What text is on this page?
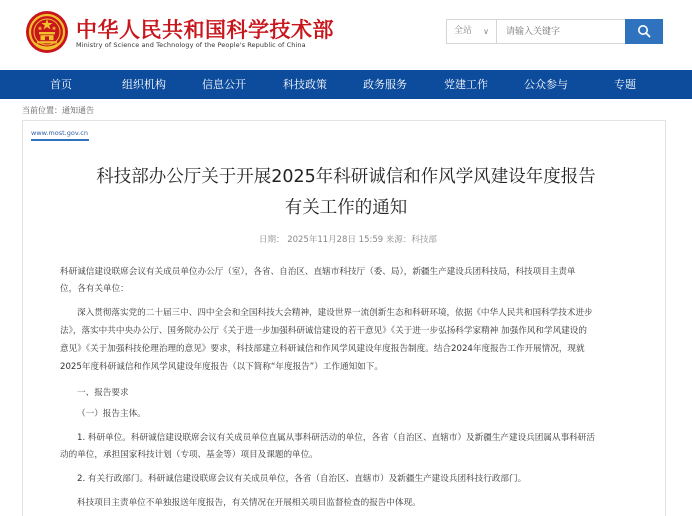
中华人民共和国科学技术部
Ministry of Science and Technology of the People's Republic of China
全站 ∨
请输入关键字
首页	组织机构	信息公开	科技政策	政务服务	党建工作	公众参与	专题
当前位置：通知通告
www.most.gov.cn
科技部办公厅关于开展2025年科研诚信和作风学风建设年度报告
有关工作的通知
日期： 2025年11月28日 15:59 来源：科技部
科研诚信建设联席会议有关成员单位办公厅（室），各省、自治区、直辖市科技厅（委、局），新疆生产建设兵团科技局，科技项目主责单
位，各有关单位：
深入贯彻落实党的二十届三中、四中全会和全国科技大会精神，建设世界一流创新生态和科研环境，依据《中华人民共和国科学技术进步
法》，落实中共中央办公厅、国务院办公厅《关于进一步加强科研诚信建设的若干意见》《关于进一步弘扬科学家精神 加强作风和学风建设的
意见》《关于加强科技伦理治理的意见》要求，科技部建立科研诚信和作风学风建设年度报告制度。结合2024年度报告工作开展情况，现就
2025年度科研诚信和作风学风建设年度报告（以下简称“年度报告”）工作通知如下。
一、报告要求
（一）报告主体。
1. 科研单位。科研诚信建设联席会议有关成员单位直属从事科研活动的单位，各省（自治区、直辖市）及新疆生产建设兵团属从事科研活
动的单位，承担国家科技计划（专项、基金等）项目及课题的单位。
2. 有关行政部门。科研诚信建设联席会议有关成员单位，各省（自治区、直辖市）及新疆生产建设兵团科技行政部门。
科技项目主责单位不单独报送年度报告，有关情况在开展相关项目监督检查的报告中体现。
